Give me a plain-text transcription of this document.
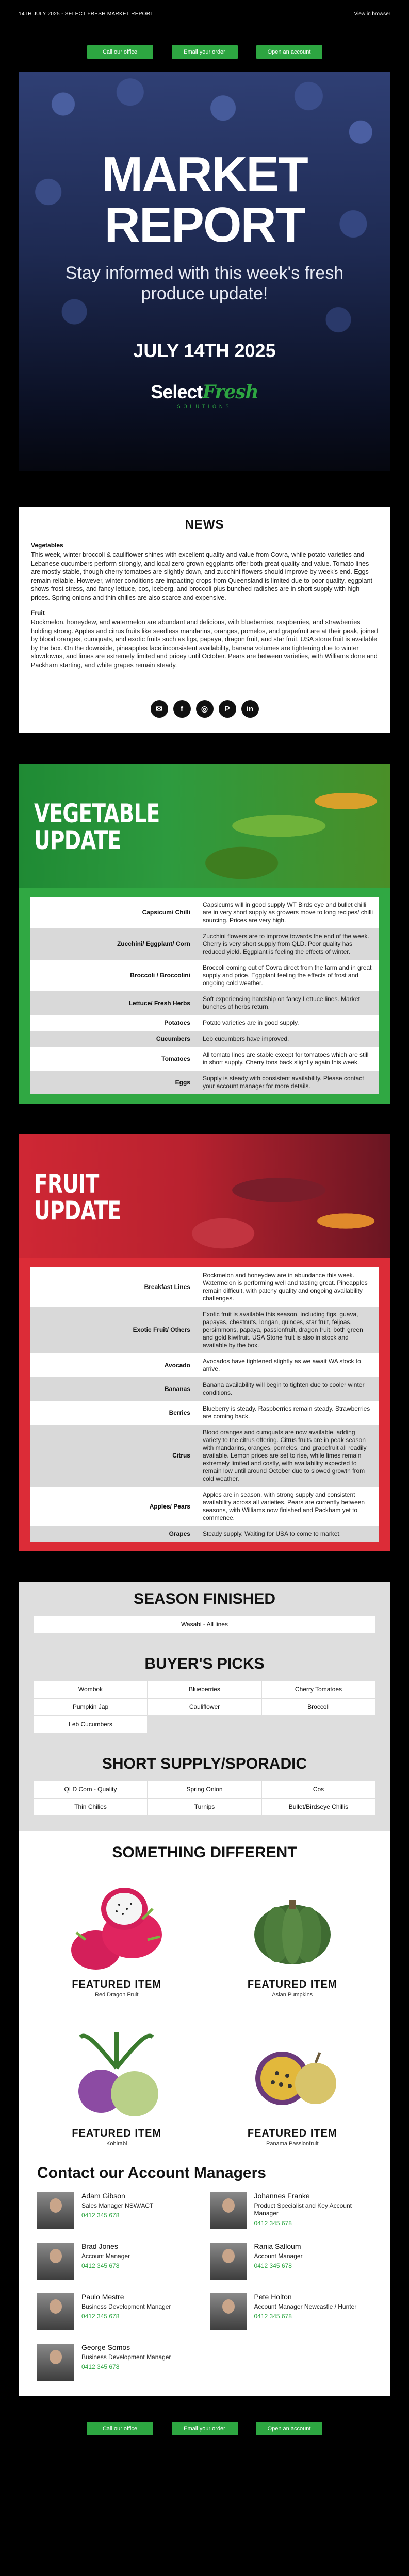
14TH JULY 2025 - SELECT FRESH MARKET REPORT	View in browser
Call our office	Email your order	Open an account
MARKET REPORT
Stay informed with this week's fresh produce update!
JULY 14TH 2025
SelectFresh
SOLUTIONS
NEWS
Vegetables

This week, winter broccoli & cauliflower shines with excellent quality and value from Covra, while potato varieties and Lebanese cucumbers perform strongly, and local zero-grown eggplants offer both great quality and value. Tomato lines are mostly stable, though cherry tomatoes are slightly down, and zucchini flowers should improve by week's end. Eggs remain reliable. However, winter conditions are impacting crops from Queensland is limited due to poor quality, eggplant shows frost stress, and fancy lettuce, cos, iceberg, and broccoli plus bunched radishes are in short supply with high prices. Spring onions and thin chilies are also scarce and expensive.

Fruit

Rockmelon, honeydew, and watermelon are abundant and delicious, with blueberries, raspberries, and strawberries holding strong. Apples and citrus fruits like seedless mandarins, oranges, pomelos, and grapefruit are at their peak, joined by blood oranges, cumquats, and exotic fruits such as figs, papaya, dragon fruit, and star fruit. USA stone fruit is available by the box. On the downside, pineapples face inconsistent availability, banana volumes are tightening due to winter slowdowns, and limes are extremely limited and pricey until October. Pears are between varieties, with Williams done and Packham starting, and white grapes remain steady.

✉	f	◎	P	in
VEGETABLE
UPDATE
Capsicum/ Chilli	Capsicums will in good supply WT Birds eye and bullet chilli are in very short supply as growers move to long recipes/ chilli sourcing. Prices are very high.
Zucchini/ Eggplant/ Corn	Zucchini flowers are to improve towards the end of the week. Cherry is very short supply from QLD. Poor quality has reduced yield. Eggplant is feeling the effects of winter.
Broccoli / Broccolini	Broccoli coming out of Covra direct from the farm and in great supply and price. Eggplant feeling the effects of frost and ongoing cold weather.
Lettuce/ Fresh Herbs	Soft experiencing hardship on fancy Lettuce lines. Market bunches of herbs return.
Potatoes	Potato varieties are in good supply.
Cucumbers	Leb cucumbers have improved.
Tomatoes	All tomato lines are stable except for tomatoes which are still in short supply. Cherry tons back slightly again this week.
Eggs	Supply is steady with consistent availability. Please contact your account manager for more details.
FRUIT
UPDATE
Breakfast Lines	Rockmelon and honeydew are in abundance this week. Watermelon is performing well and tasting great. Pineapples remain difficult, with patchy quality and ongoing availability challenges.
Exotic Fruit/ Others	Exotic fruit is available this season, including figs, guava, papayas, chestnuts, longan, quinces, star fruit, feijoas, persimmons, papaya, passionfruit, dragon fruit, both green and gold kiwifruit. USA Stone fruit is also in stock and available by the box.
Avocado	Avocados have tightened slightly as we await WA stock to arrive.
Bananas	Banana availability will begin to tighten due to cooler winter conditions.
Berries	Blueberry is steady. Raspberries remain steady. Strawberries are coming back.
Citrus	Blood oranges and cumquats are now available, adding variety to the citrus offering. Citrus fruits are in peak season with mandarins, oranges, pomelos, and grapefruit all readily available. Lemon prices are set to rise, while limes remain extremely limited and costly, with availability expected to remain low until around October due to slowed growth from cold weather.
Apples/ Pears	Apples are in season, with strong supply and consistent availability across all varieties. Pears are currently between seasons, with Williams now finished and Packham yet to commence.
Grapes	Steady supply. Waiting for USA to come to market.
SEASON FINISHED
Wasabi - All lines
BUYER'S PICKS
Wombok	Blueberries	Cherry Tomatoes
Pumpkin Jap	Cauliflower	Broccoli
Leb Cucumbers		
SHORT SUPPLY/SPORADIC
QLD Corn - Quality	Spring Onion	Cos
Thin Chilies	Turnips	Bullet/Birdseye Chillis
SOMETHING DIFFERENT
FEATURED ITEM
Red Dragon Fruit
FEATURED ITEM
Asian Pumpkins
FEATURED ITEM
Kohlrabi
FEATURED ITEM
Panama Passionfruit
Contact our Account Managers
Adam Gibson
Sales Manager NSW/ACT
0412 345 678
Johannes Franke
Product Specialist and Key Account Manager
0412 345 678
Brad Jones
Account Manager
0412 345 678
Rania Salloum
Account Manager
0412 345 678
Paulo Mestre
Business Development Manager
0412 345 678
Pete Holton
Account Manager Newcastle / Hunter
0412 345 678
George Somos
Business Development Manager
0412 345 678
Call our office	Email your order	Open an account
